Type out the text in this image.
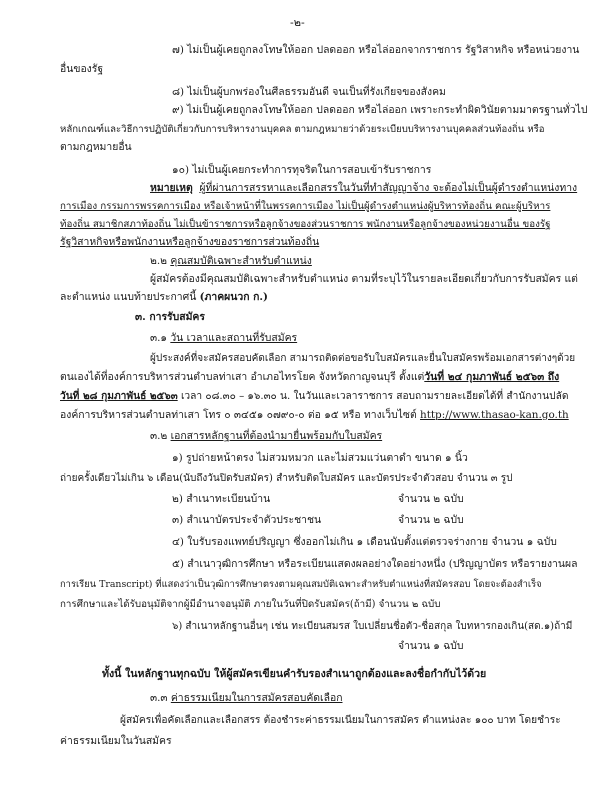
-๒-
๗) ไม่เป็นผู้เคยถูกลงโทษให้ออก ปลดออก หรือไล่ออกจากราชการ รัฐวิสาหกิจ หรือหน่วยงาน
อื่นของรัฐ
๘) ไม่เป็นผู้บกพร่องในศีลธรรมอันดี จนเป็นที่รังเกียจของสังคม
๙) ไม่เป็นผู้เคยถูกลงโทษให้ออก ปลดออก หรือไล่ออก เพราะกระทำผิดวินัยตามมาตรฐานทั่วไป
หลักเกณฑ์และวิธีการปฏิบัติเกี่ยวกับการบริหารงานบุคคล ตามกฎหมายว่าด้วยระเบียบบริหารงานบุคคลส่วนท้องถิ่น หรือ
ตามกฎหมายอื่น
๑๐) ไม่เป็นผู้เคยกระทำการทุจริตในการสอบเข้ารับราชการ
หมายเหตุ ผู้ที่ผ่านการสรรหาและเลือกสรรในวันที่ทำสัญญาจ้าง จะต้องไม่เป็นผู้ดำรงตำแหน่งทาง
การเมือง กรรมการพรรคการเมือง หรือเจ้าหน้าที่ในพรรคการเมือง ไม่เป็นผู้ดำรงตำแหน่งผู้บริหารท้องถิ่น คณะผู้บริหาร
ท้องถิ่น สมาชิกสภาท้องถิ่น ไม่เป็นข้าราชการหรือลูกจ้างของส่วนราชการ พนักงานหรือลูกจ้างของหน่วยงานอื่น ของรัฐ
รัฐวิสาหกิจหรือพนักงานหรือลูกจ้างของราชการส่วนท้องถิ่น
๒.๒ คุณสมบัติเฉพาะสำหรับตำแหน่ง
ผู้สมัครต้องมีคุณสมบัติเฉพาะสำหรับตำแหน่ง ตามที่ระบุไว้ในรายละเอียดเกี่ยวกับการรับสมัคร แต่
ละตำแหน่ง แนบท้ายประกาศนี้ (ภาคผนวก ก.)
๓. การรับสมัคร
๓.๑ วัน เวลาและสถานที่รับสมัคร
ผู้ประสงค์ที่จะสมัครสอบคัดเลือก สามารถติดต่อขอรับใบสมัครและยื่นใบสมัครพร้อมเอกสารต่างๆด้วย
ตนเองได้ที่องค์การบริหารส่วนตำบลท่าเสา อำเภอไทรโยค จังหวัดกาญจนบุรี ตั้งแต่วันที่ ๒๔ กุมภาพันธ์ ๒๕๖๓ ถึง
วันที่ ๒๘ กุมภาพันธ์ ๒๕๖๓ เวลา ๐๘.๓๐ – ๑๖.๓๐ น. ในวันและเวลาราชการ สอบถามรายละเอียดได้ที่ สำนักงานปลัด
องค์การบริหารส่วนตำบลท่าเสา โทร ๐ ๓๔๕๑ ๐๗๙๐-๐ ต่อ ๑๕ หรือ ทางเว็บไซต์ http://www.thasao-kan.go.th
๓.๒ เอกสารหลักฐานที่ต้องนำมายื่นพร้อมกับใบสมัคร
๑) รูปถ่ายหน้าตรง ไม่สวมหมวก และไม่สวมแว่นตาดำ ขนาด ๑ นิ้ว
ถ่ายครั้งเดียวไม่เกิน ๖ เดือน(นับถึงวันปิดรับสมัคร) สำหรับติดใบสมัคร และบัตรประจำตัวสอบ จำนวน ๓ รูป
๒) สำเนาทะเบียนบ้าน	จำนวน ๒ ฉบับ
๓) สำเนาบัตรประจำตัวประชาชน	จำนวน ๒ ฉบับ
๔) ใบรับรองแพทย์ปริญญา ซึ่งออกไม่เกิน ๑ เดือนนับตั้งแต่ตรวจร่างกาย จำนวน ๑ ฉบับ
๕) สำเนาวุฒิการศึกษา หรือระเบียนแสดงผลอย่างใดอย่างหนึ่ง (ปริญญาบัตร หรือรายงานผล
การเรียน Transcript) ที่แสดงว่าเป็นวุฒิการศึกษาตรงตามคุณสมบัติเฉพาะสำหรับตำแหน่งที่สมัครสอบ โดยจะต้องสำเร็จ
การศึกษาและได้รับอนุมัติจากผู้มีอำนาจอนุมัติ ภายในวันที่ปิดรับสมัคร(ถ้ามี) จำนวน ๒ ฉบับ
๖) สำเนาหลักฐานอื่นๆ เช่น ทะเบียนสมรส ใบเปลี่ยนชื่อตัว-ชื่อสกุล ใบทหารกองเกิน(สด.๑)ถ้ามี
จำนวน ๑ ฉบับ
ทั้งนี้ ในหลักฐานทุกฉบับ ให้ผู้สมัครเขียนคำรับรองสำเนาถูกต้องและลงชื่อกำกับไว้ด้วย
๓.๓ ค่าธรรมเนียมในการสมัครสอบคัดเลือก
ผู้สมัครเพื่อคัดเลือกและเลือกสรร ต้องชำระค่าธรรมเนียมในการสมัคร ตำแหน่งละ ๑๐๐ บาท โดยชำระ
ค่าธรรมเนียมในวันสมัคร
